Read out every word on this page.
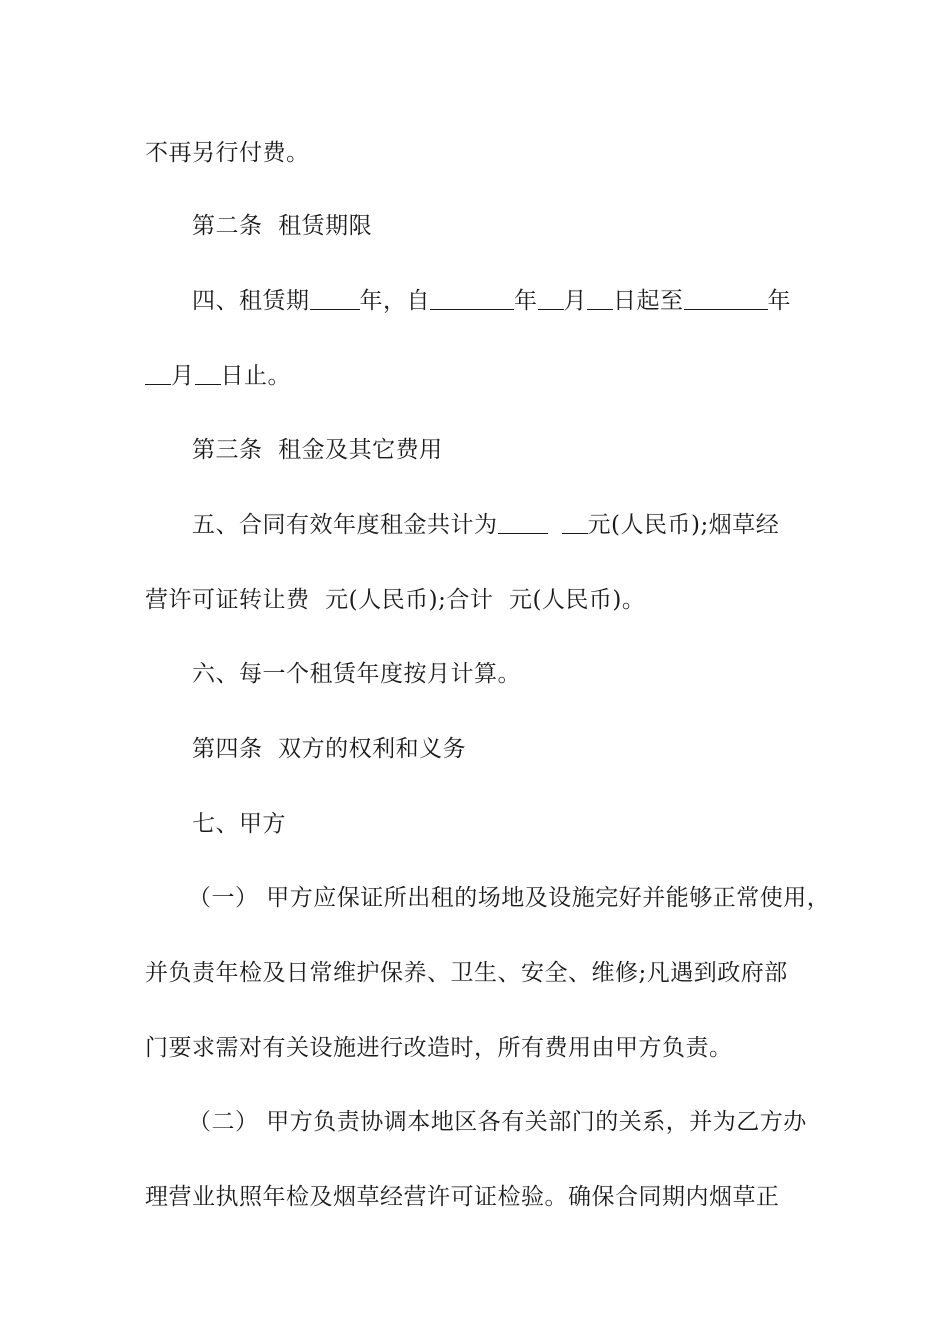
不再另行付费。
第二条  租赁期限
四、租赁期 年，自	年 月 日起至	年
月 日止。
第三条  租金及其它费用
五、合同有效年度租金共计为	元(人民币);烟草经
营许可证转让费  元(人民币);合计  元(人民币)。
六、每一个租赁年度按月计算。
第四条  双方的权利和义务
七、甲方
（一） 甲方应保证所出租的场地及设施完好并能够正常使用，
并负责年检及日常维护保养、卫生、安全、维修;凡遇到政府部
门要求需对有关设施进行改造时，所有费用由甲方负责。
（二） 甲方负责协调本地区各有关部门的关系，并为乙方办
理营业执照年检及烟草经营许可证检验。确保合同期内烟草正
